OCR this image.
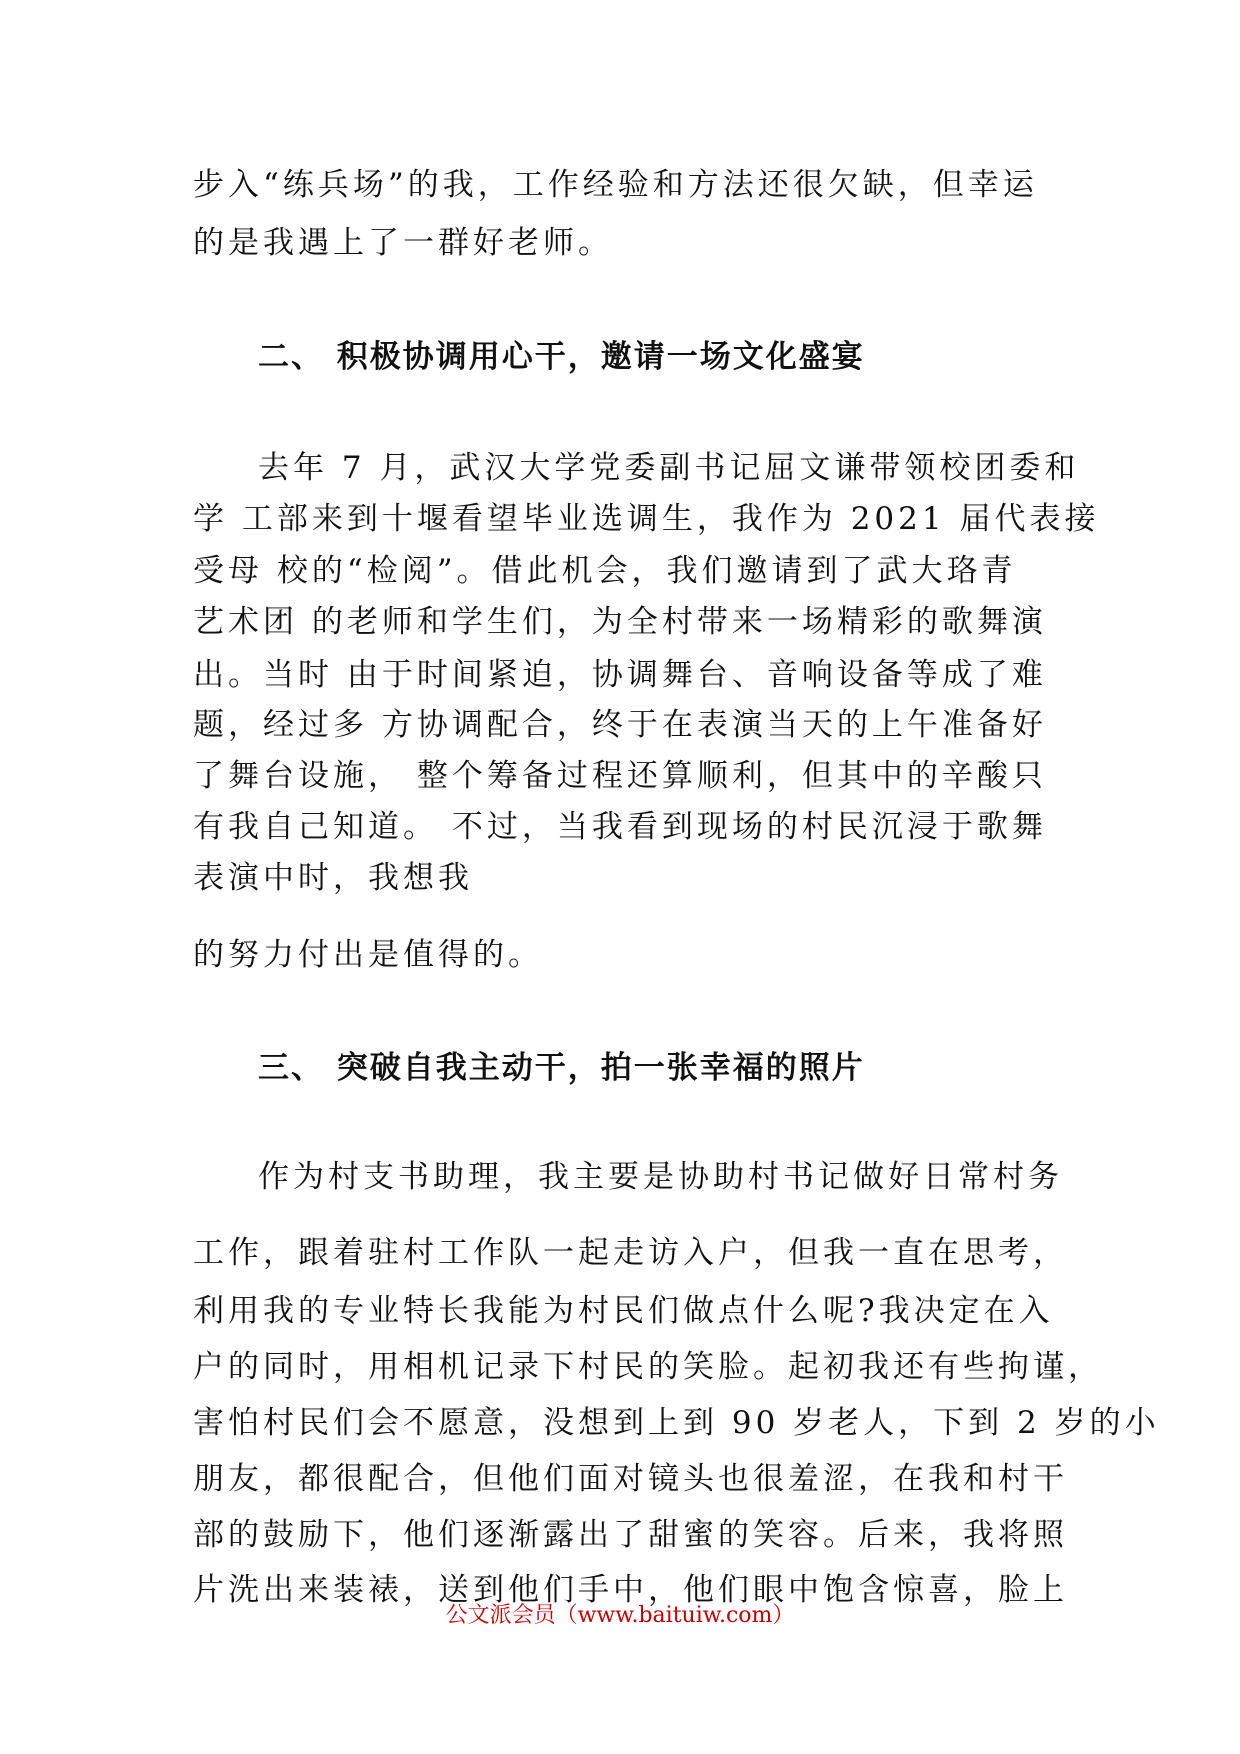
步入“练兵场”的我，工作经验和方法还很欠缺，但幸运
的是我遇上了一群好老师。
二、 积极协调用心干，邀请一场文化盛宴
去年 7 月，武汉大学党委副书记屈文谦带领校团委和
学 工部来到十堰看望毕业选调生，我作为 2021 届代表接
受母 校的“检阅”。借此机会，我们邀请到了武大珞青
艺术团 的老师和学生们，为全村带来一场精彩的歌舞演
出。当时 由于时间紧迫，协调舞台、音响设备等成了难
题，经过多 方协调配合，终于在表演当天的上午准备好
了舞台设施， 整个筹备过程还算顺利，但其中的辛酸只
有我自己知道。 不过，当我看到现场的村民沉浸于歌舞
表演中时，我想我
的努力付出是值得的。
三、 突破自我主动干，拍一张幸福的照片
作为村支书助理，我主要是协助村书记做好日常村务
工作，跟着驻村工作队一起走访入户，但我一直在思考，
利用我的专业特长我能为村民们做点什么呢?我决定在入
户的同时，用相机记录下村民的笑脸。起初我还有些拘谨，
害怕村民们会不愿意，没想到上到 90 岁老人，下到 2 岁的小
朋友，都很配合，但他们面对镜头也很羞涩，在我和村干
部的鼓励下，他们逐渐露出了甜蜜的笑容。后来，我将照
片洗出来装裱，送到他们手中，他们眼中饱含惊喜，脸上
公文派会员（www.baituiw.com）
